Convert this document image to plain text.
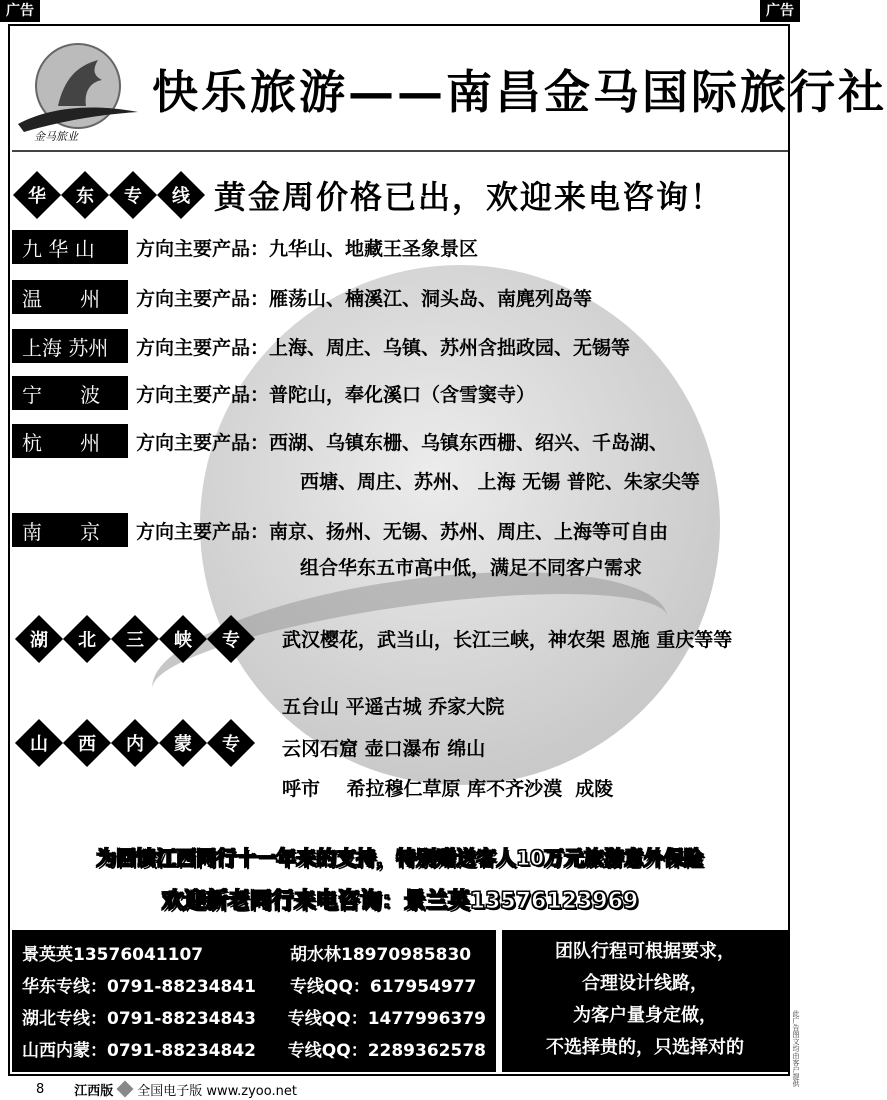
广告	广告
金马旅业
快乐旅游——南昌金马国际旅行社
华	东	专	线 黄金周价格已出，欢迎来电咨询！
九 华 山	方向主要产品： 九华山、地藏王圣象景区
温      州	方向主要产品： 雁荡山、楠溪江、洞头岛、南麂列岛等
上海 苏州	方向主要产品： 上海、周庄、乌镇、苏州含拙政园、无锡等
宁      波	方向主要产品： 普陀山，奉化溪口（含雪窦寺）
杭      州	方向主要产品： 西湖、乌镇东栅、乌镇东西栅、绍兴、千岛湖、
西塘、周庄、苏州、 上海 无锡 普陀、朱家尖等
南      京	方向主要产品： 南京、扬州、无锡、苏州、周庄、上海等可自由
组合华东五市高中低，满足不同客户需求
湖	北	三	峡	专	武汉樱花，武当山，长江三峡，神农架 恩施 重庆等等
山	西	内	蒙	专
五台山 平遥古城 乔家大院
云冈石窟 壶口瀑布 绵山
呼市    希拉穆仁草原 库不齐沙漠  成陵
为回馈江西同行十一年来的支持，特别赠送客人10万元旅游意外保险
欢迎新老同行来电咨询：景兰英13576123969
景英英13576041107	胡水林18970985830
华东专线：0791-88234841	专线QQ：617954977
湖北专线：0791-88234843	专线QQ：1477996379
山西内蒙：0791-88234842	专线QQ：2289362578
团队行程可根据要求，
合理设计线路，
为客户量身定做，
不选择贵的，只选择对的	此广告图文均由客户提供
8 江西版 全国电子版 www.zyoo.net
